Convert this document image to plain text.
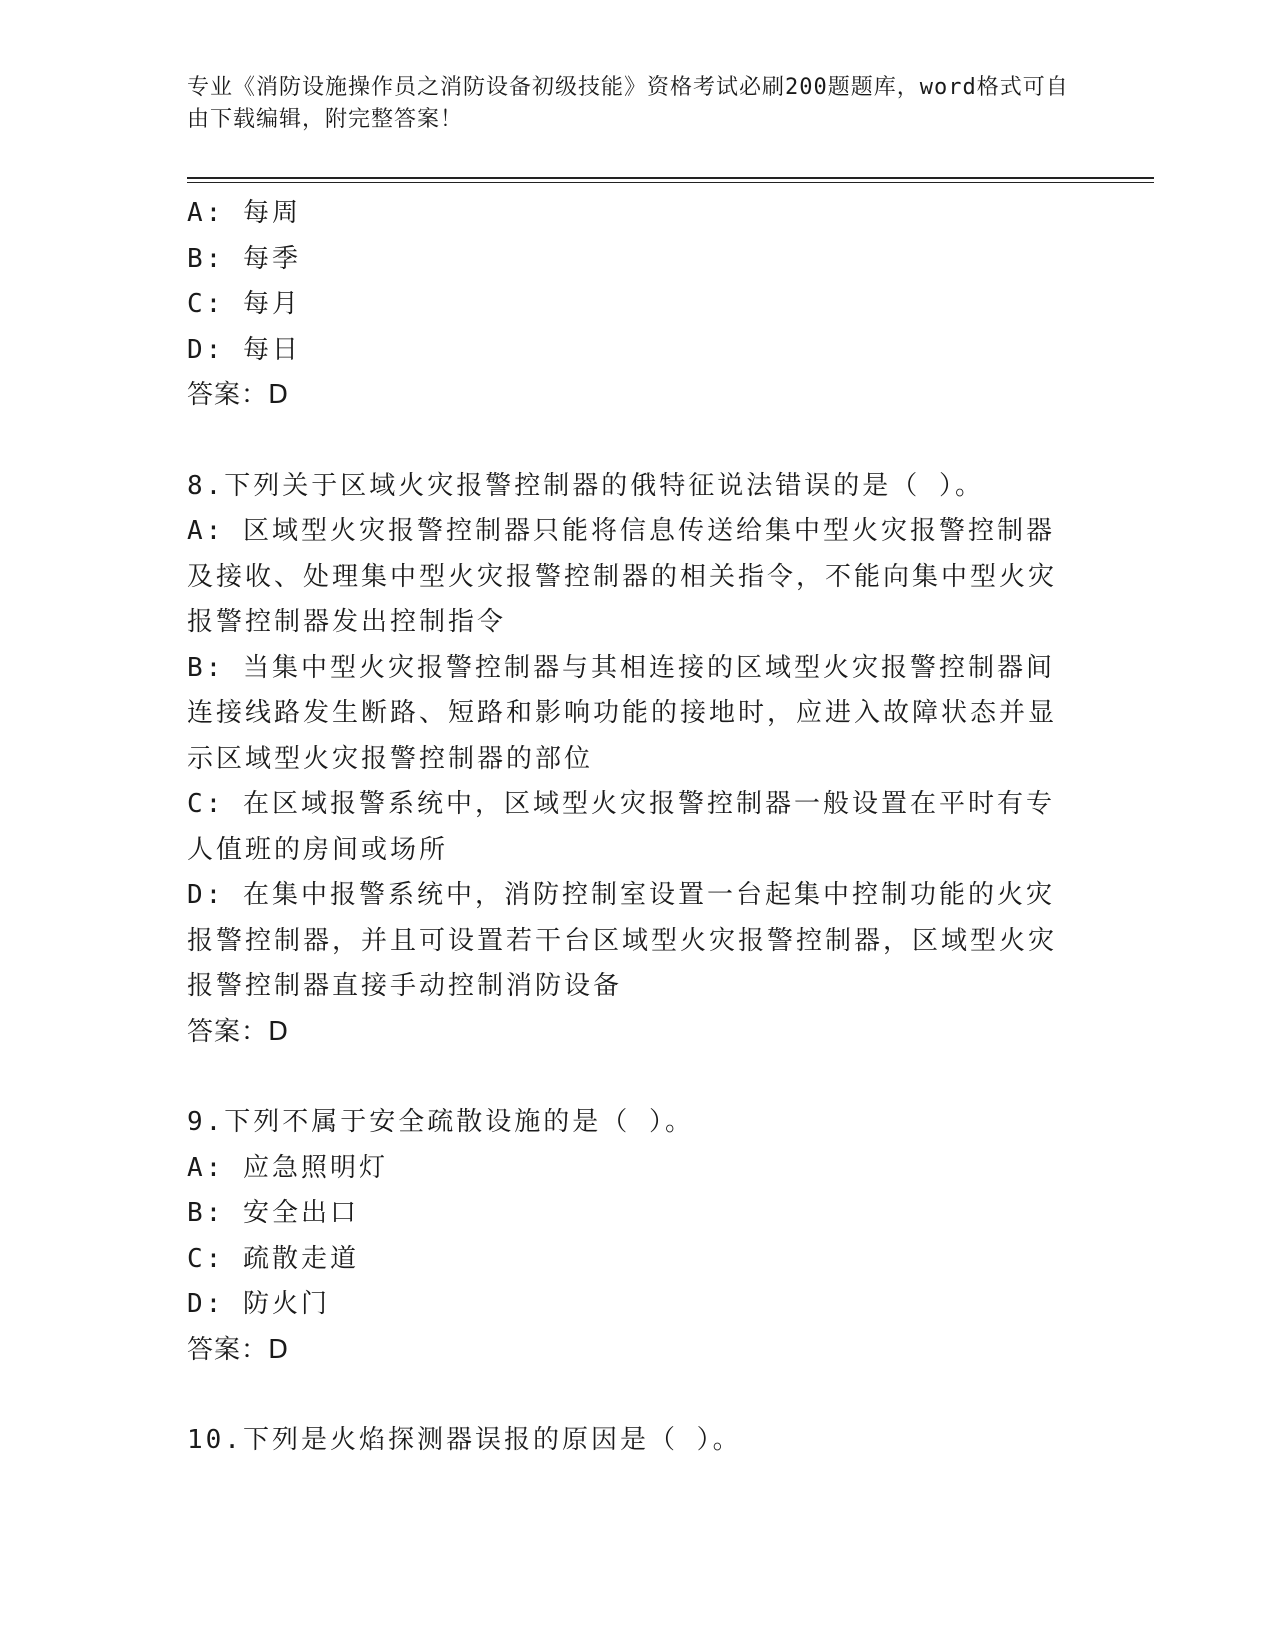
专业《消防设施操作员之消防设备初级技能》资格考试必刷200题题库，word格式可自由下载编辑，附完整答案！
A: 每周
B: 每季
C: 每月
D: 每日
答案：D
8.下列关于区域火灾报警控制器的俄特征说法错误的是（ ）。
A: 区域型火灾报警控制器只能将信息传送给集中型火灾报警控制器及接收、处理集中型火灾报警控制器的相关指令，不能向集中型火灾报警控制器发出控制指令
B: 当集中型火灾报警控制器与其相连接的区域型火灾报警控制器间连接线路发生断路、短路和影响功能的接地时，应进入故障状态并显示区域型火灾报警控制器的部位
C: 在区域报警系统中，区域型火灾报警控制器一般设置在平时有专人值班的房间或场所
D: 在集中报警系统中，消防控制室设置一台起集中控制功能的火灾报警控制器，并且可设置若干台区域型火灾报警控制器，区域型火灾报警控制器直接手动控制消防设备
答案：D
9.下列不属于安全疏散设施的是（ ）。
A: 应急照明灯
B: 安全出口
C: 疏散走道
D: 防火门
答案：D
10.下列是火焰探测器误报的原因是（ ）。
